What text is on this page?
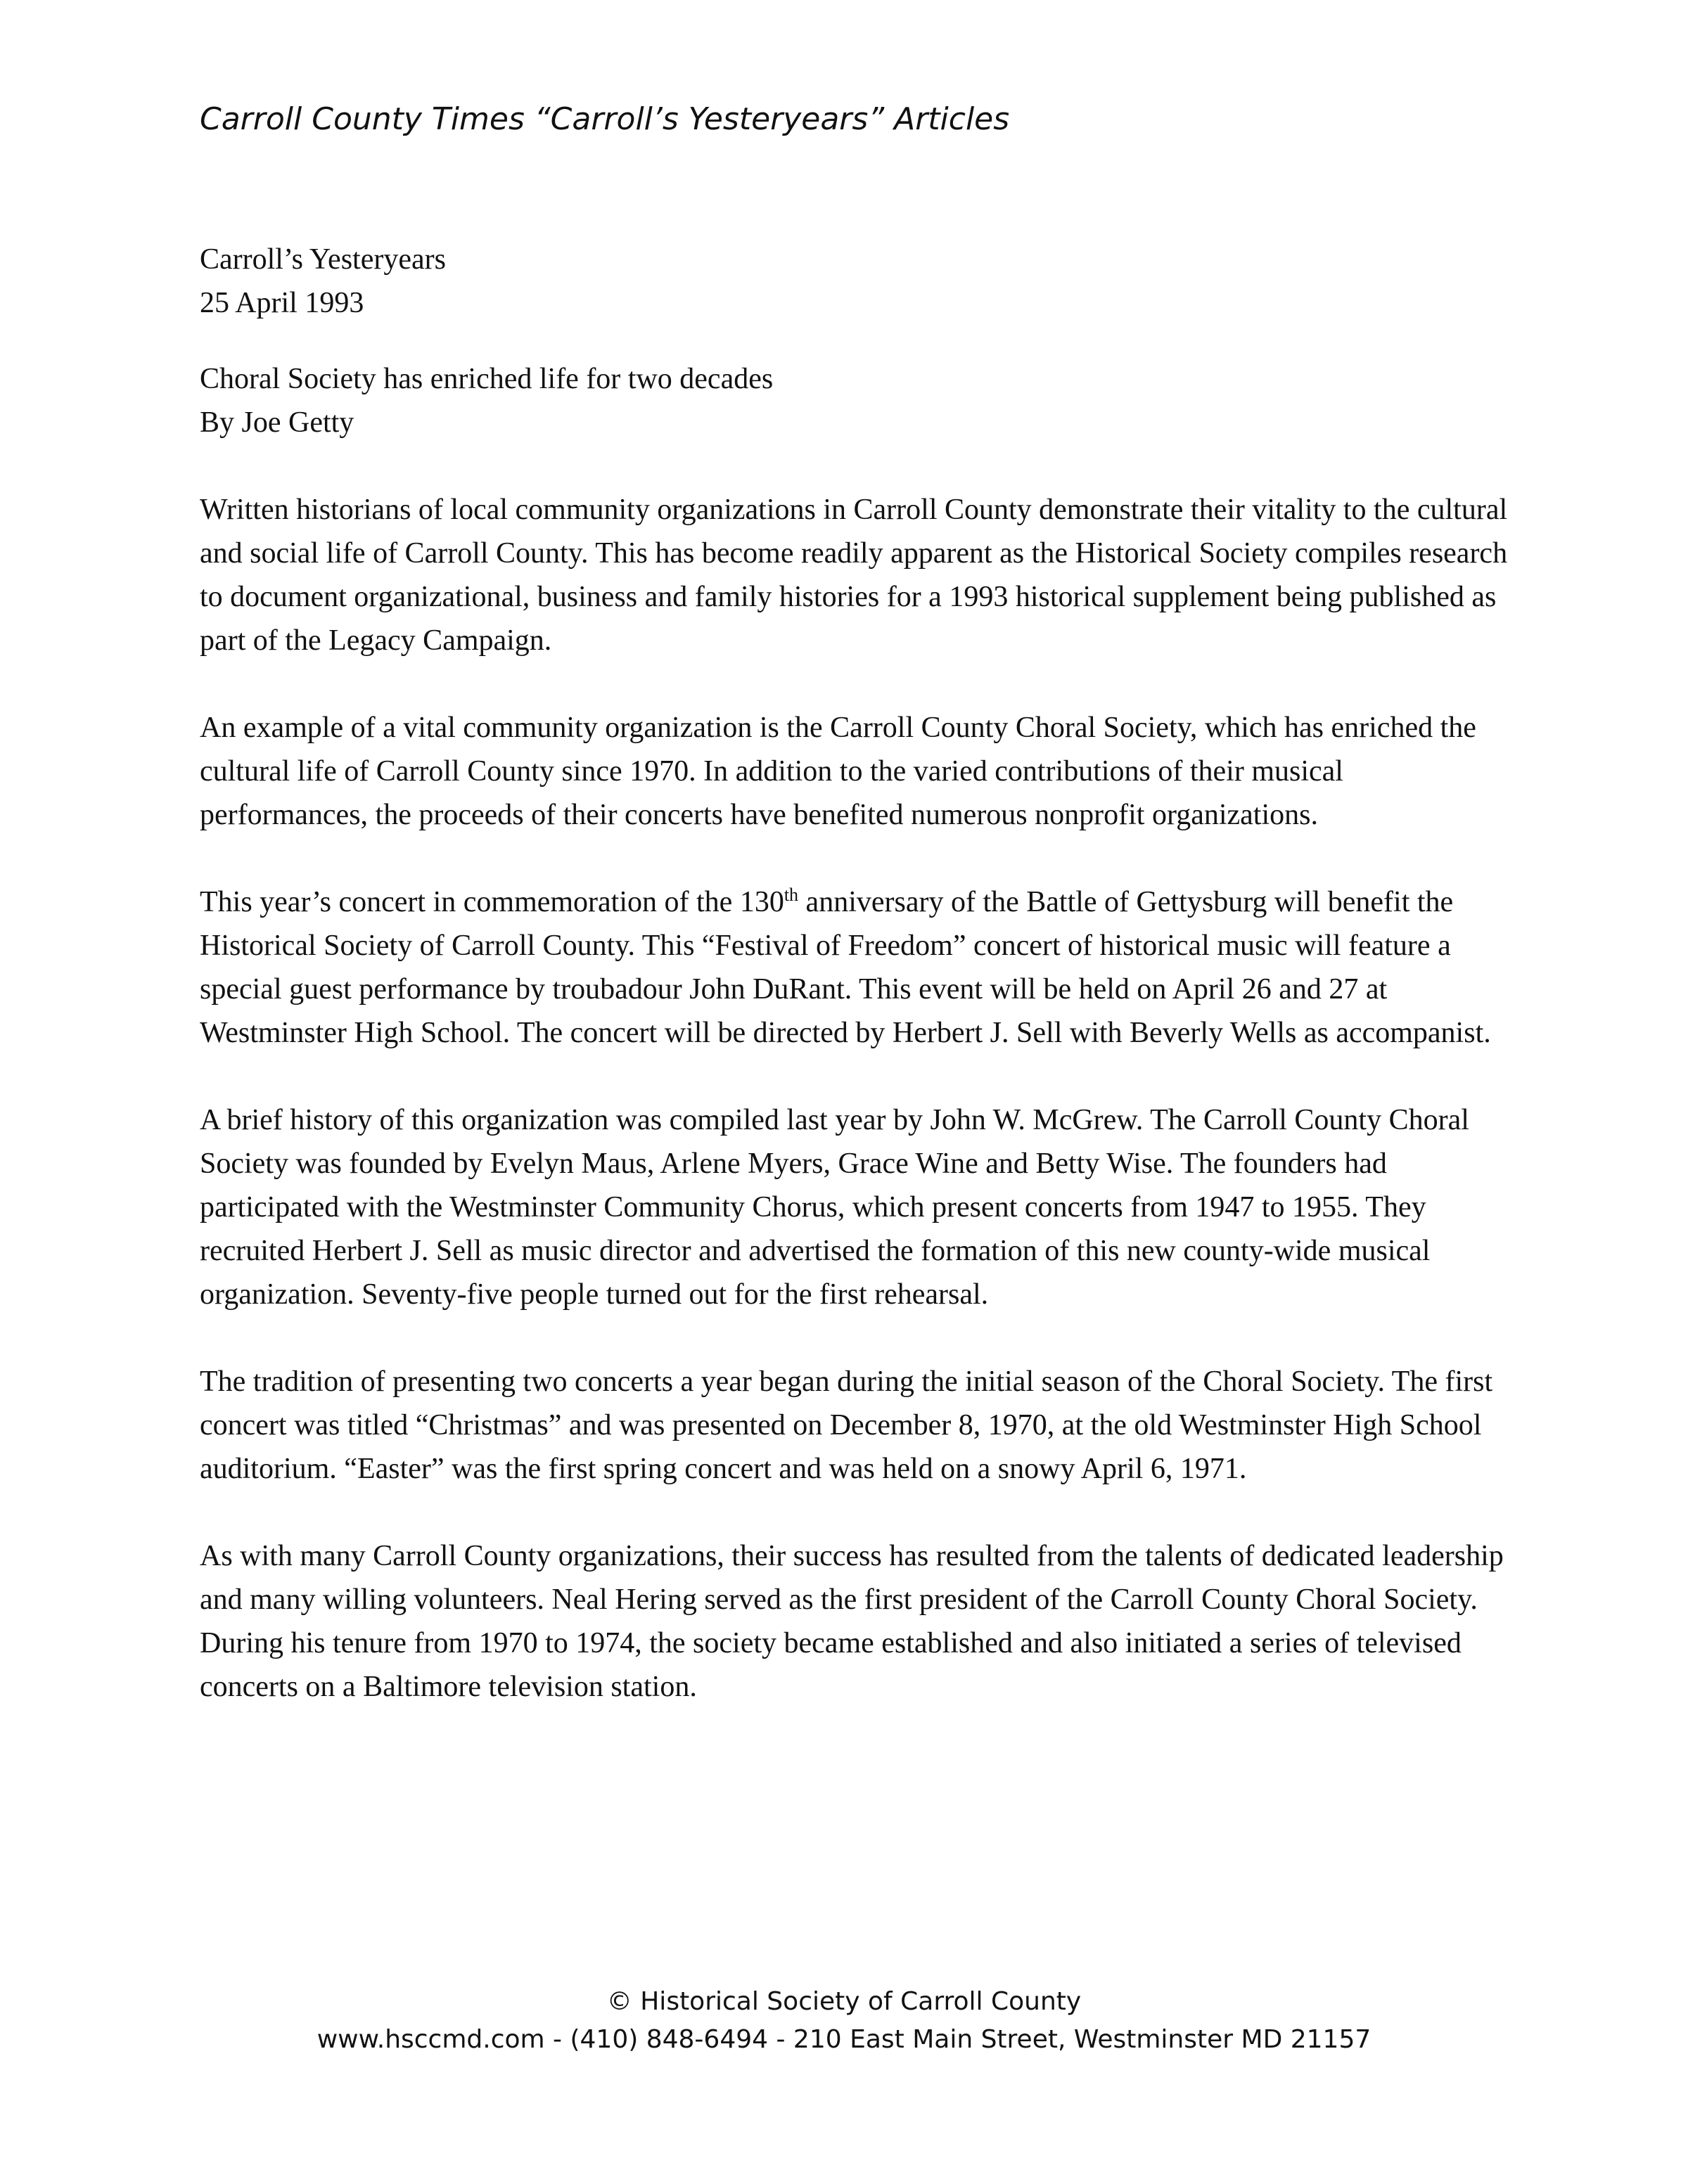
Carroll County Times “Carroll’s Yesteryears” Articles

Carroll’s Yesteryears
25 April 1993

Choral Society has enriched life for two decades
By Joe Getty

Written historians of local community organizations in Carroll County demonstrate their vitality to the cultural and social life of Carroll County. This has become readily apparent as the Historical Society compiles research to document organizational, business and family histories for a 1993 historical supplement being published as part of the Legacy Campaign.

An example of a vital community organization is the Carroll County Choral Society, which has enriched the cultural life of Carroll County since 1970. In addition to the varied contributions of their musical performances, the proceeds of their concerts have benefited numerous nonprofit organizations.

This year’s concert in commemoration of the 130th anniversary of the Battle of Gettysburg will benefit the Historical Society of Carroll County. This “Festival of Freedom” concert of historical music will feature a special guest performance by troubadour John DuRant. This event will be held on April 26 and 27 at Westminster High School. The concert will be directed by Herbert J. Sell with Beverly Wells as accompanist.

A brief history of this organization was compiled last year by John W. McGrew. The Carroll County Choral Society was founded by Evelyn Maus, Arlene Myers, Grace Wine and Betty Wise. The founders had participated with the Westminster Community Chorus, which present concerts from 1947 to 1955. They recruited Herbert J. Sell as music director and advertised the formation of this new county-wide musical organization. Seventy-five people turned out for the first rehearsal.

The tradition of presenting two concerts a year began during the initial season of the Choral Society. The first concert was titled “Christmas” and was presented on December 8, 1970, at the old Westminster High School auditorium. “Easter” was the first spring concert and was held on a snowy April 6, 1971.

As with many Carroll County organizations, their success has resulted from the talents of dedicated leadership and many willing volunteers. Neal Hering served as the first president of the Carroll County Choral Society. During his tenure from 1970 to 1974, the society became established and also initiated a series of televised concerts on a Baltimore television station.

© Historical Society of Carroll County
www.hsccmd.com - (410) 848-6494 - 210 East Main Street, Westminster MD 21157
